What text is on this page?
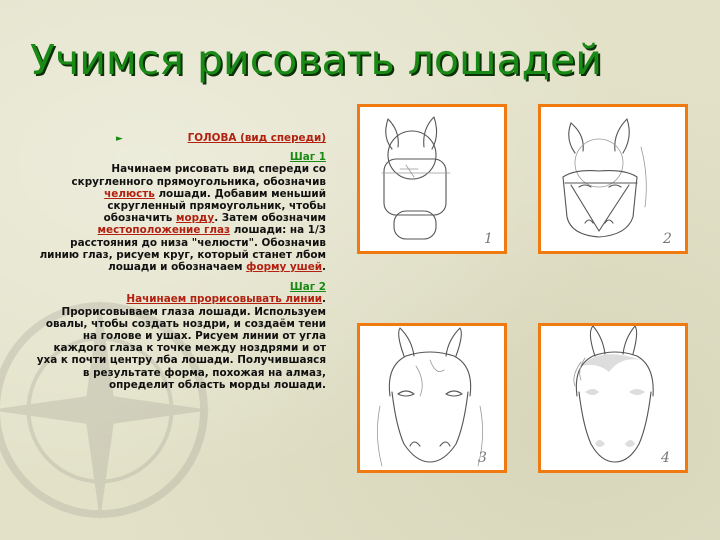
Учимся рисовать лошадей
►	ГОЛОВА (вид спереди)
Шаг 1
Начинаем рисовать вид спереди со скругленного прямоугольника, обозначив челюсть лошади. Добавим меньший скругленный прямоугольник, чтобы обозначить морду. Затем обозначим местоположение глаз лошади: на 1/3 расстояния до низа "челюсти". Обозначив линию глаз, рисуем круг, который станет лбом лошади и обозначаем форму ушей.
Шаг 2
Начинаем прорисовывать линии. Прорисовываем глаза лошади. Используем овалы, чтобы создать ноздри, и создаём тени на голове и ушах. Рисуем линии от угла каждого глаза к точке между ноздрями и от уха к почти центру лба лошади. Получившаяся в результате форма, похожая на алмаз, определит область морды лошади.
1	2
3	4
